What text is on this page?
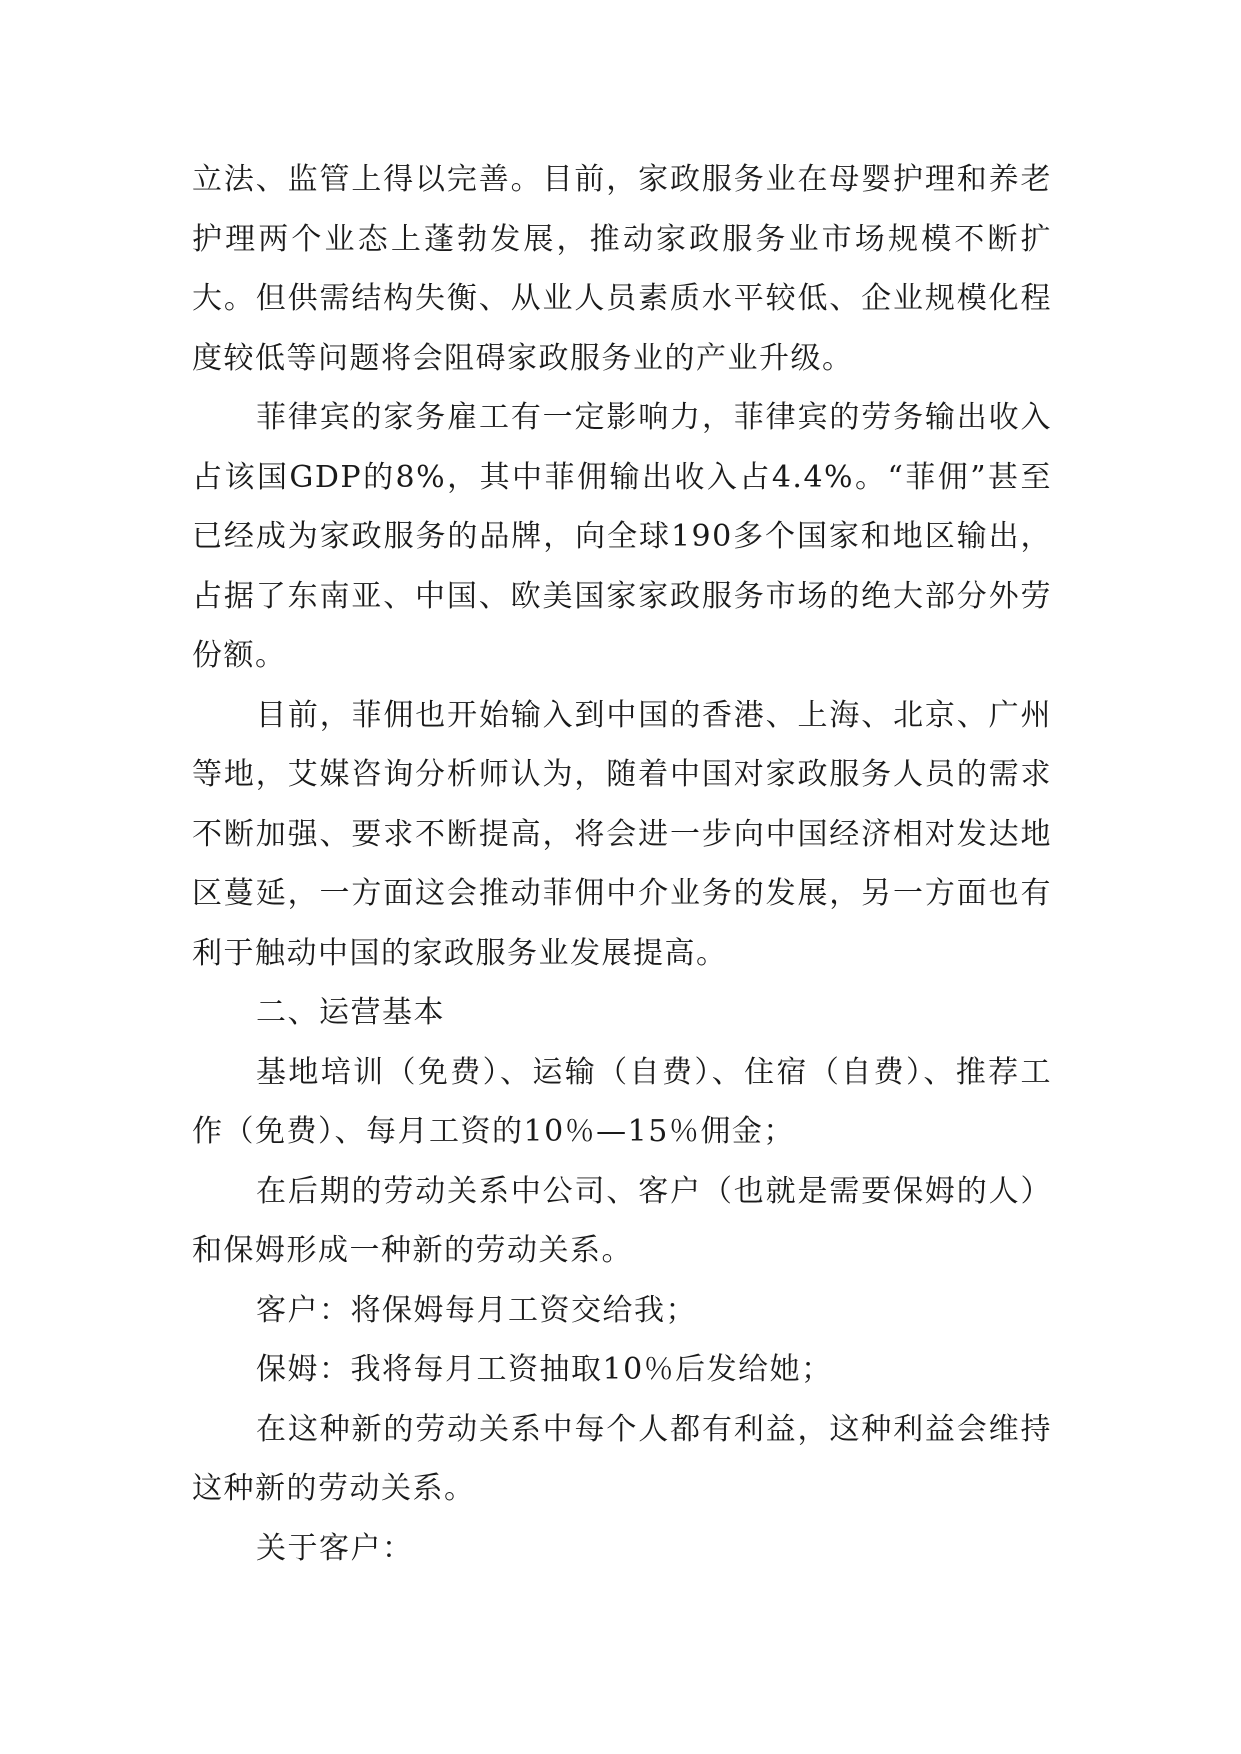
立法、监管上得以完善。目前，家政服务业在母婴护理和养老护理两个业态上蓬勃发展，推动家政服务业市场规模不断扩大。但供需结构失衡、从业人员素质水平较低、企业规模化程度较低等问题将会阻碍家政服务业的产业升级。

菲律宾的家务雇工有一定影响力，菲律宾的劳务输出收入占该国GDP的8%，其中菲佣输出收入占4.4%。“菲佣”甚至已经成为家政服务的品牌，向全球190多个国家和地区输出，占据了东南亚、中国、欧美国家家政服务市场的绝大部分外劳份额。

目前，菲佣也开始输入到中国的香港、上海、北京、广州等地，艾媒咨询分析师认为，随着中国对家政服务人员的需求不断加强、要求不断提高，将会进一步向中国经济相对发达地区蔓延，一方面这会推动菲佣中介业务的发展，另一方面也有利于触动中国的家政服务业发展提高。

二、运营基本

基地培训（免费）、运输（自费）、住宿（自费）、推荐工作（免费）、每月工资的10％—15％佣金；

在后期的劳动关系中公司、客户（也就是需要保姆的人）和保姆形成一种新的劳动关系。

客户：将保姆每月工资交给我；

保姆：我将每月工资抽取10％后发给她；

在这种新的劳动关系中每个人都有利益，这种利益会维持这种新的劳动关系。

关于客户：
